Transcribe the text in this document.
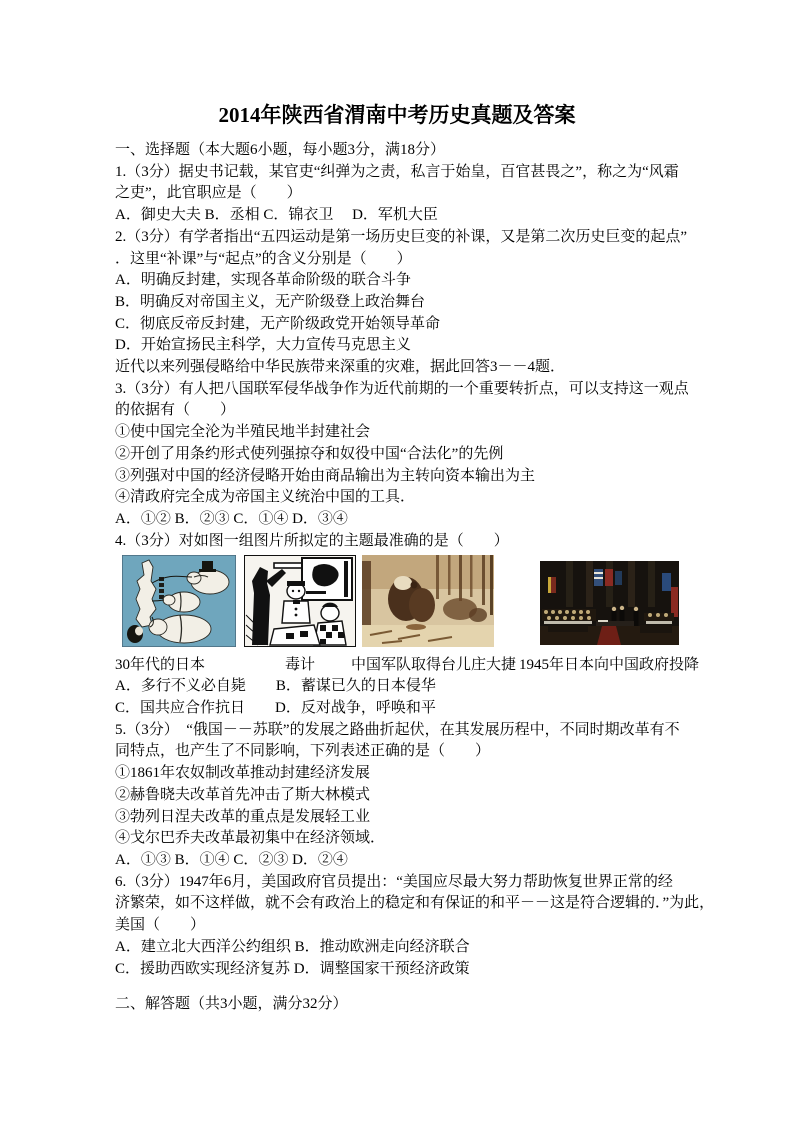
2014年陕西省渭南中考历史真题及答案
一、选择题（本大题6小题，每小题3分，满18分）
1.（3分）据史书记载，某官吏“纠弹为之责，私言于始皇，百官甚畏之”，称之为“风霜
之吏”，此官职应是（　　）
A．御史大夫 B．丞相 C．锦衣卫　 D．军机大臣
2.（3分）有学者指出“五四运动是第一场历史巨变的补课，又是第二次历史巨变的起点”
．这里“补课”与“起点”的含义分别是（　　）
A．明确反封建，实现各革命阶级的联合斗争
B．明确反对帝国主义，无产阶级登上政治舞台
C．彻底反帝反封建，无产阶级政党开始领导革命
D．开始宣扬民主科学，大力宣传马克思主义
近代以来列强侵略给中华民族带来深重的灾难，据此回答3－－4题．
3.（3分）有人把八国联军侵华战争作为近代前期的一个重要转折点，可以支持这一观点
的依据有（　　）
①使中国完全沦为半殖民地半封建社会
②开创了用条约形式使列强掠夺和奴役中国“合法化”的先例
③列强对中国的经济侵略开始由商品输出为主转向资本输出为主
④清政府完全成为帝国主义统治中国的工具．
A．①② B．②③ C．①④ D．③④
4.（3分）对如图一组图片所拟定的主题最准确的是（　　）
30年代的日本	毒计 中国军队取得台儿庄大捷 1945年日本向中国政府投降
A．多行不义必自毙　　B．蓄谋已久的日本侵华
C．国共应合作抗日　　D．反对战争，呼唤和平
5.（3分）　“俄国－－苏联”的发展之路曲折起伏，在其发展历程中，不同时期改革有不
同特点，也产生了不同影响，下列表述正确的是（　　）
①1861年农奴制改革推动封建经济发展
②赫鲁晓夫改革首先冲击了斯大林模式
③勃列日涅夫改革的重点是发展轻工业
④戈尔巴乔夫改革最初集中在经济领域．
A．①③ B．①④ C．②③ D．②④
6.（3分）1947年6月，美国政府官员提出：“美国应尽最大努力帮助恢复世界正常的经
济繁荣，如不这样做，就不会有政治上的稳定和有保证的和平－－这是符合逻辑的．”为此，
美国（　　）
A．建立北大西洋公约组织 B．推动欧洲走向经济联合
C．援助西欧实现经济复苏 D．调整国家干预经济政策
二、解答题（共3小题，满分32分）
